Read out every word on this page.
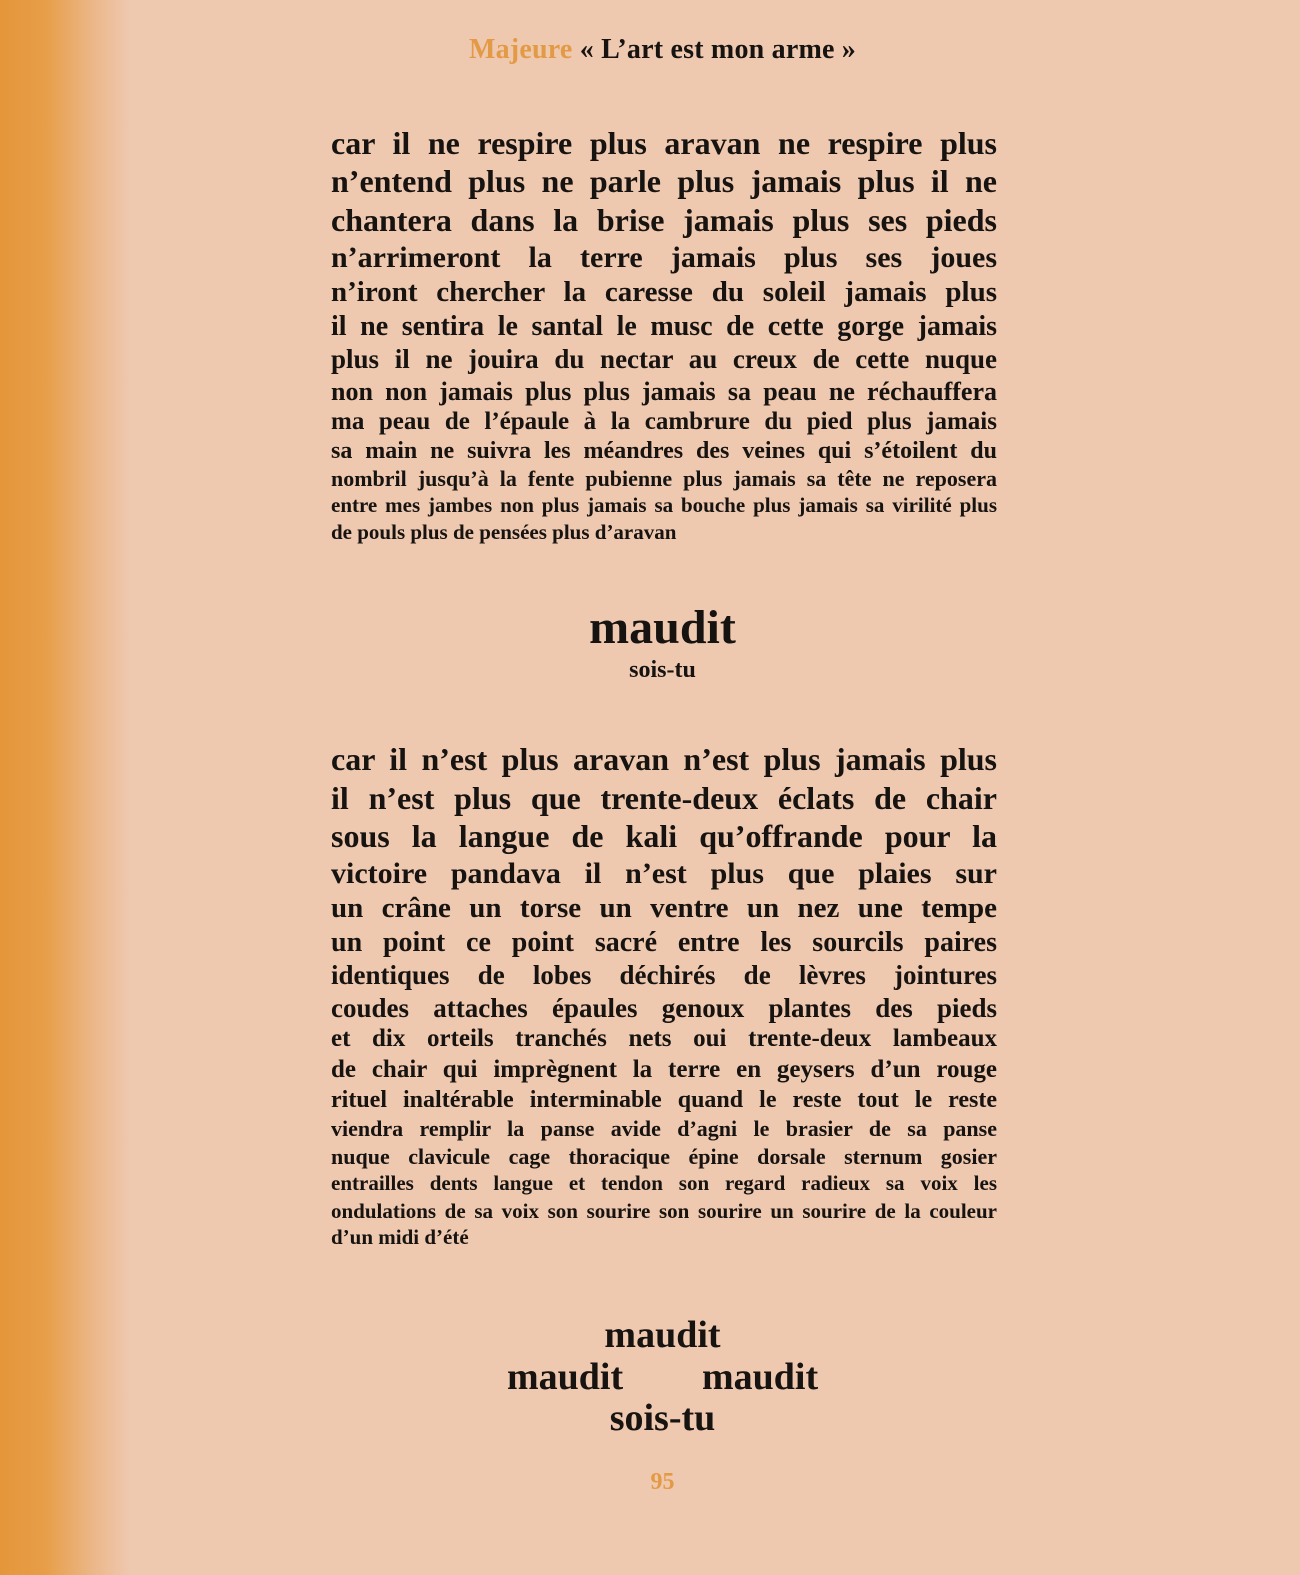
Majeure « L’art est mon arme »
car il ne respire plus aravan ne respire plus
n’entend plus ne parle plus jamais plus il ne
chantera dans la brise jamais plus ses pieds
n’arrimeront la terre jamais plus ses joues
n’iront chercher la caresse du soleil jamais plus
il ne sentira le santal le musc de cette gorge jamais
plus il ne jouira du nectar au creux de cette nuque
non non jamais plus plus jamais sa peau ne réchauffera
ma peau de l’épaule à la cambrure du pied plus jamais
sa main ne suivra les méandres des veines qui s’étoilent du
nombril jusqu’à la fente pubienne plus jamais sa tête ne reposera
entre mes jambes non plus jamais sa bouche plus jamais sa virilité plus
de pouls plus de pensées plus d’aravan
maudit
sois-tu
car il n’est plus aravan n’est plus jamais plus
il n’est plus que trente-deux éclats de chair
sous la langue de kali qu’offrande pour la
victoire pandava il n’est plus que plaies sur
un crâne un torse un ventre un nez une tempe
un point ce point sacré entre les sourcils paires
identiques de lobes déchirés de lèvres jointures
coudes attaches épaules genoux plantes des pieds
et dix orteils tranchés nets oui trente-deux lambeaux
de chair qui imprègnent la terre en geysers d’un rouge
rituel inaltérable interminable quand le reste tout le reste
viendra remplir la panse avide d’agni le brasier de sa panse
nuque clavicule cage thoracique épine dorsale sternum gosier
entrailles dents langue et tendon son regard radieux sa voix les
ondulations de sa voix son sourire son sourire un sourire de la couleur
d’un midi d’été
maudit
maudit maudit
sois-tu
95
